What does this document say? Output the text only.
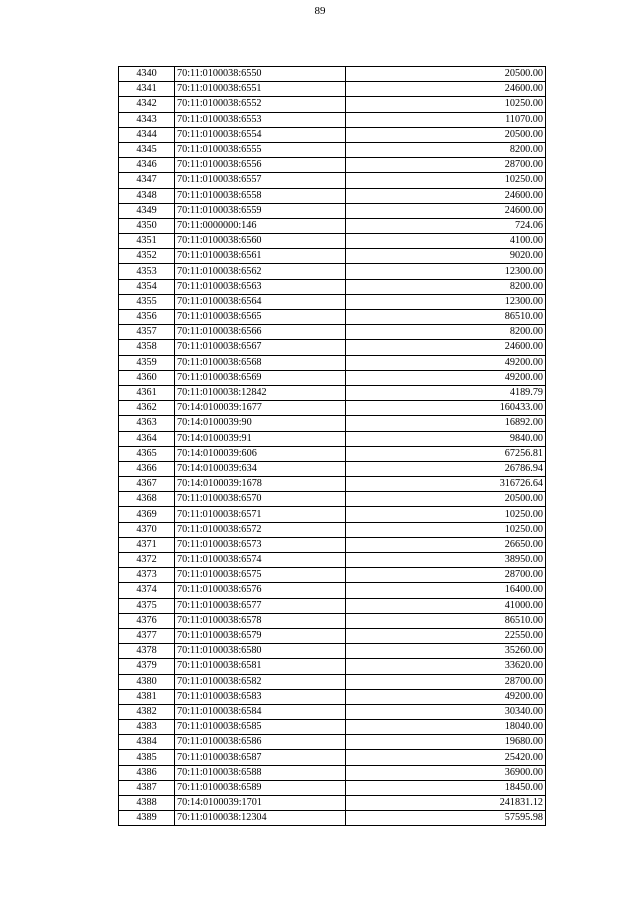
89
4340	70:11:0100038:6550	20500.00
4341	70:11:0100038:6551	24600.00
4342	70:11:0100038:6552	10250.00
4343	70:11:0100038:6553	11070.00
4344	70:11:0100038:6554	20500.00
4345	70:11:0100038:6555	8200.00
4346	70:11:0100038:6556	28700.00
4347	70:11:0100038:6557	10250.00
4348	70:11:0100038:6558	24600.00
4349	70:11:0100038:6559	24600.00
4350	70:11:0000000:146	724.06
4351	70:11:0100038:6560	4100.00
4352	70:11:0100038:6561	9020.00
4353	70:11:0100038:6562	12300.00
4354	70:11:0100038:6563	8200.00
4355	70:11:0100038:6564	12300.00
4356	70:11:0100038:6565	86510.00
4357	70:11:0100038:6566	8200.00
4358	70:11:0100038:6567	24600.00
4359	70:11:0100038:6568	49200.00
4360	70:11:0100038:6569	49200.00
4361	70:11:0100038:12842	4189.79
4362	70:14:0100039:1677	160433.00
4363	70:14:0100039:90	16892.00
4364	70:14:0100039:91	9840.00
4365	70:14:0100039:606	67256.81
4366	70:14:0100039:634	26786.94
4367	70:14:0100039:1678	316726.64
4368	70:11:0100038:6570	20500.00
4369	70:11:0100038:6571	10250.00
4370	70:11:0100038:6572	10250.00
4371	70:11:0100038:6573	26650.00
4372	70:11:0100038:6574	38950.00
4373	70:11:0100038:6575	28700.00
4374	70:11:0100038:6576	16400.00
4375	70:11:0100038:6577	41000.00
4376	70:11:0100038:6578	86510.00
4377	70:11:0100038:6579	22550.00
4378	70:11:0100038:6580	35260.00
4379	70:11:0100038:6581	33620.00
4380	70:11:0100038:6582	28700.00
4381	70:11:0100038:6583	49200.00
4382	70:11:0100038:6584	30340.00
4383	70:11:0100038:6585	18040.00
4384	70:11:0100038:6586	19680.00
4385	70:11:0100038:6587	25420.00
4386	70:11:0100038:6588	36900.00
4387	70:11:0100038:6589	18450.00
4388	70:14:0100039:1701	241831.12
4389	70:11:0100038:12304	57595.98
